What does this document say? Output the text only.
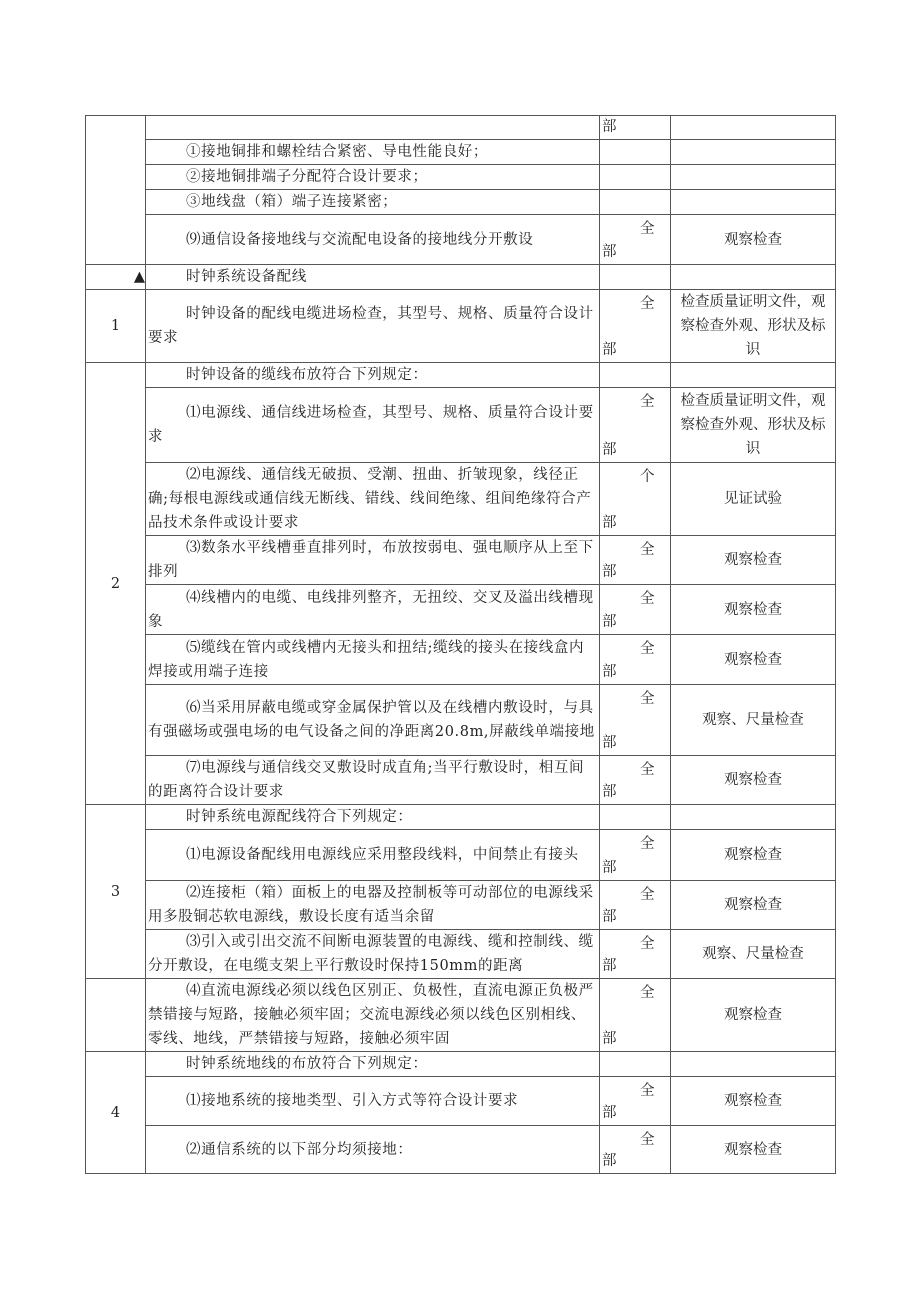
		部	

	①接地铜排和螺栓结合紧密、导电性能良好；	

	②接地铜排端子分配符合设计要求；	

	③地线盘（箱）端子连接紧密；	

	⑼通信设备接地线与交流配电设备的接地线分开敷设	全
部	观察检查
▲	时钟系统设备配线	

1	时钟设备的配线电缆进场检查，其型号、规格、质量符合设计要求	全
部	检查质量证明文件，观察检查外观、形状及标识
2	时钟设备的缆线布放符合下列规定：	

	⑴电源线、通信线进场检查，其型号、规格、质量符合设计要求	全
部	检查质量证明文件，观察检查外观、形状及标识
	⑵电源线、通信线无破损、受潮、扭曲、折皱现象，线径正确;每根电源线或通信线无断线、错线、线间绝缘、组间绝缘符合产品技术条件或设计要求	个
部	见证试验
	⑶数条水平线槽垂直排列时，布放按弱电、强电顺序从上至下排列	全
部	观察检查
	⑷线槽内的电缆、电线排列整齐，无扭绞、交叉及溢出线槽现象	全
部	观察检查
	⑸缆线在管内或线槽内无接头和扭结;缆线的接头在接线盒内焊接或用端子连接	全
部	观察检查
	⑹当采用屏蔽电缆或穿金属保护管以及在线槽内敷设时，与具有强磁场或强电场的电气设备之间的净距离20.8m,屏蔽线单端接地	全
部	观察、尺量检查
	⑺电源线与通信线交叉敷设时成直角;当平行敷设时，相互间的距离符合设计要求	全
部	观察检查
3	时钟系统电源配线符合下列规定：	

	⑴电源设备配线用电源线应采用整段线料，中间禁止有接头	全
部	观察检查
	⑵连接柜（箱）面板上的电器及控制板等可动部位的电源线采用多股铜芯软电源线，敷设长度有适当余留	全
部	观察检查
	⑶引入或引出交流不间断电源装置的电源线、缆和控制线、缆分开敷设，在电缆支架上平行敷设时保持150mm的距离	全
部	观察、尺量检查
	⑷直流电源线必须以线色区别正、负极性，直流电源正负极严禁错接与短路，接触必须牢固；交流电源线必须以线色区别相线、零线、地线，严禁错接与短路，接触必须牢固	全
部	观察检查
4	时钟系统地线的布放符合下列规定：	

	⑴接地系统的接地类型、引入方式等符合设计要求	全
部	观察检查
	⑵通信系统的以下部分均须接地：	全
部	观察检查
